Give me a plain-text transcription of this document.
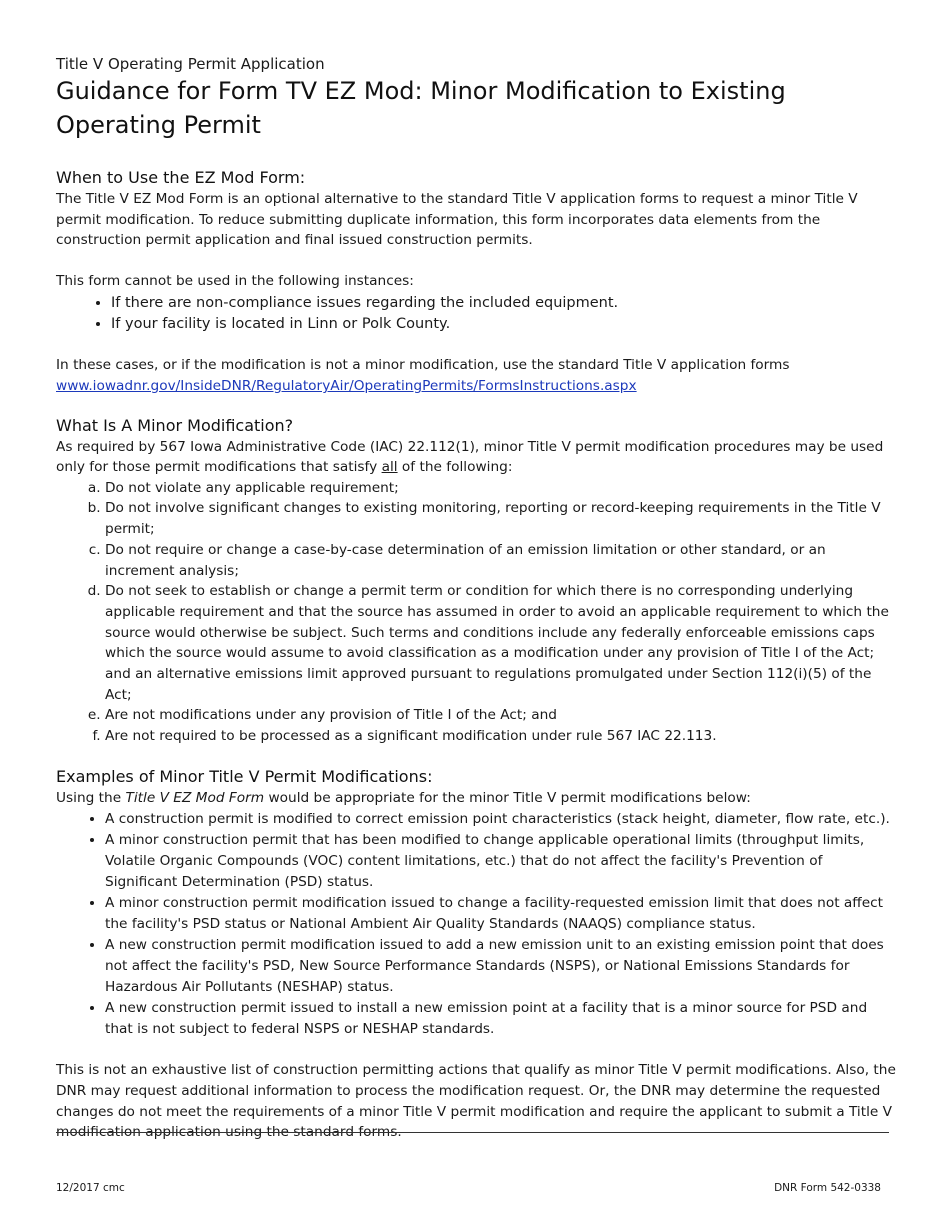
Title V Operating Permit Application

Guidance for Form TV EZ Mod: Minor Modification to Existing Operating Permit
When to Use the EZ Mod Form:

The Title V EZ Mod Form is an optional alternative to the standard Title V application forms to request a minor Title V permit modification. To reduce submitting duplicate information, this form incorporates data elements from the construction permit application and final issued construction permits.

This form cannot be used in the following instances:

• If there are non-compliance issues regarding the included equipment.
• If your facility is located in Linn or Polk County.

In these cases, or if the modification is not a minor modification, use the standard Title V application forms

www.iowadnr.gov/InsideDNR/RegulatoryAir/OperatingPermits/FormsInstructions.aspx

What Is A Minor Modification?

As required by 567 Iowa Administrative Code (IAC) 22.112(1), minor Title V permit modification procedures may be used only for those permit modifications that satisfy all of the following:

a. Do not violate any applicable requirement;
b. Do not involve significant changes to existing monitoring, reporting or record-keeping requirements in the Title V permit;
c. Do not require or change a case-by-case determination of an emission limitation or other standard, or an increment analysis;
d. Do not seek to establish or change a permit term or condition for which there is no corresponding underlying applicable requirement and that the source has assumed in order to avoid an applicable requirement to which the source would otherwise be subject. Such terms and conditions include any federally enforceable emissions caps which the source would assume to avoid classification as a modification under any provision of Title I of the Act; and an alternative emissions limit approved pursuant to regulations promulgated under Section 112(i)(5) of the Act;
e. Are not modifications under any provision of Title I of the Act; and
f. Are not required to be processed as a significant modification under rule 567 IAC 22.113.
Examples of Minor Title V Permit Modifications:

Using the Title V EZ Mod Form would be appropriate for the minor Title V permit modifications below:

• A construction permit is modified to correct emission point characteristics (stack height, diameter, flow rate, etc.).
• A minor construction permit that has been modified to change applicable operational limits (throughput limits, Volatile Organic Compounds (VOC) content limitations, etc.) that do not affect the facility's Prevention of Significant Determination (PSD) status.
• A minor construction permit modification issued to change a facility-requested emission limit that does not affect the facility's PSD status or National Ambient Air Quality Standards (NAAQS) compliance status.
• A new construction permit modification issued to add a new emission unit to an existing emission point that does not affect the facility's PSD, New Source Performance Standards (NSPS), or National Emissions Standards for Hazardous Air Pollutants (NESHAP) status.
• A new construction permit issued to install a new emission point at a facility that is a minor source for PSD and that is not subject to federal NSPS or NESHAP standards.

This is not an exhaustive list of construction permitting actions that qualify as minor Title V permit modifications. Also, the DNR may request additional information to process the modification request. Or, the DNR may determine the requested changes do not meet the requirements of a minor Title V permit modification and require the applicant to submit a Title V modification application using the standard forms.

12/2017 cmc	DNR Form 542-0338
